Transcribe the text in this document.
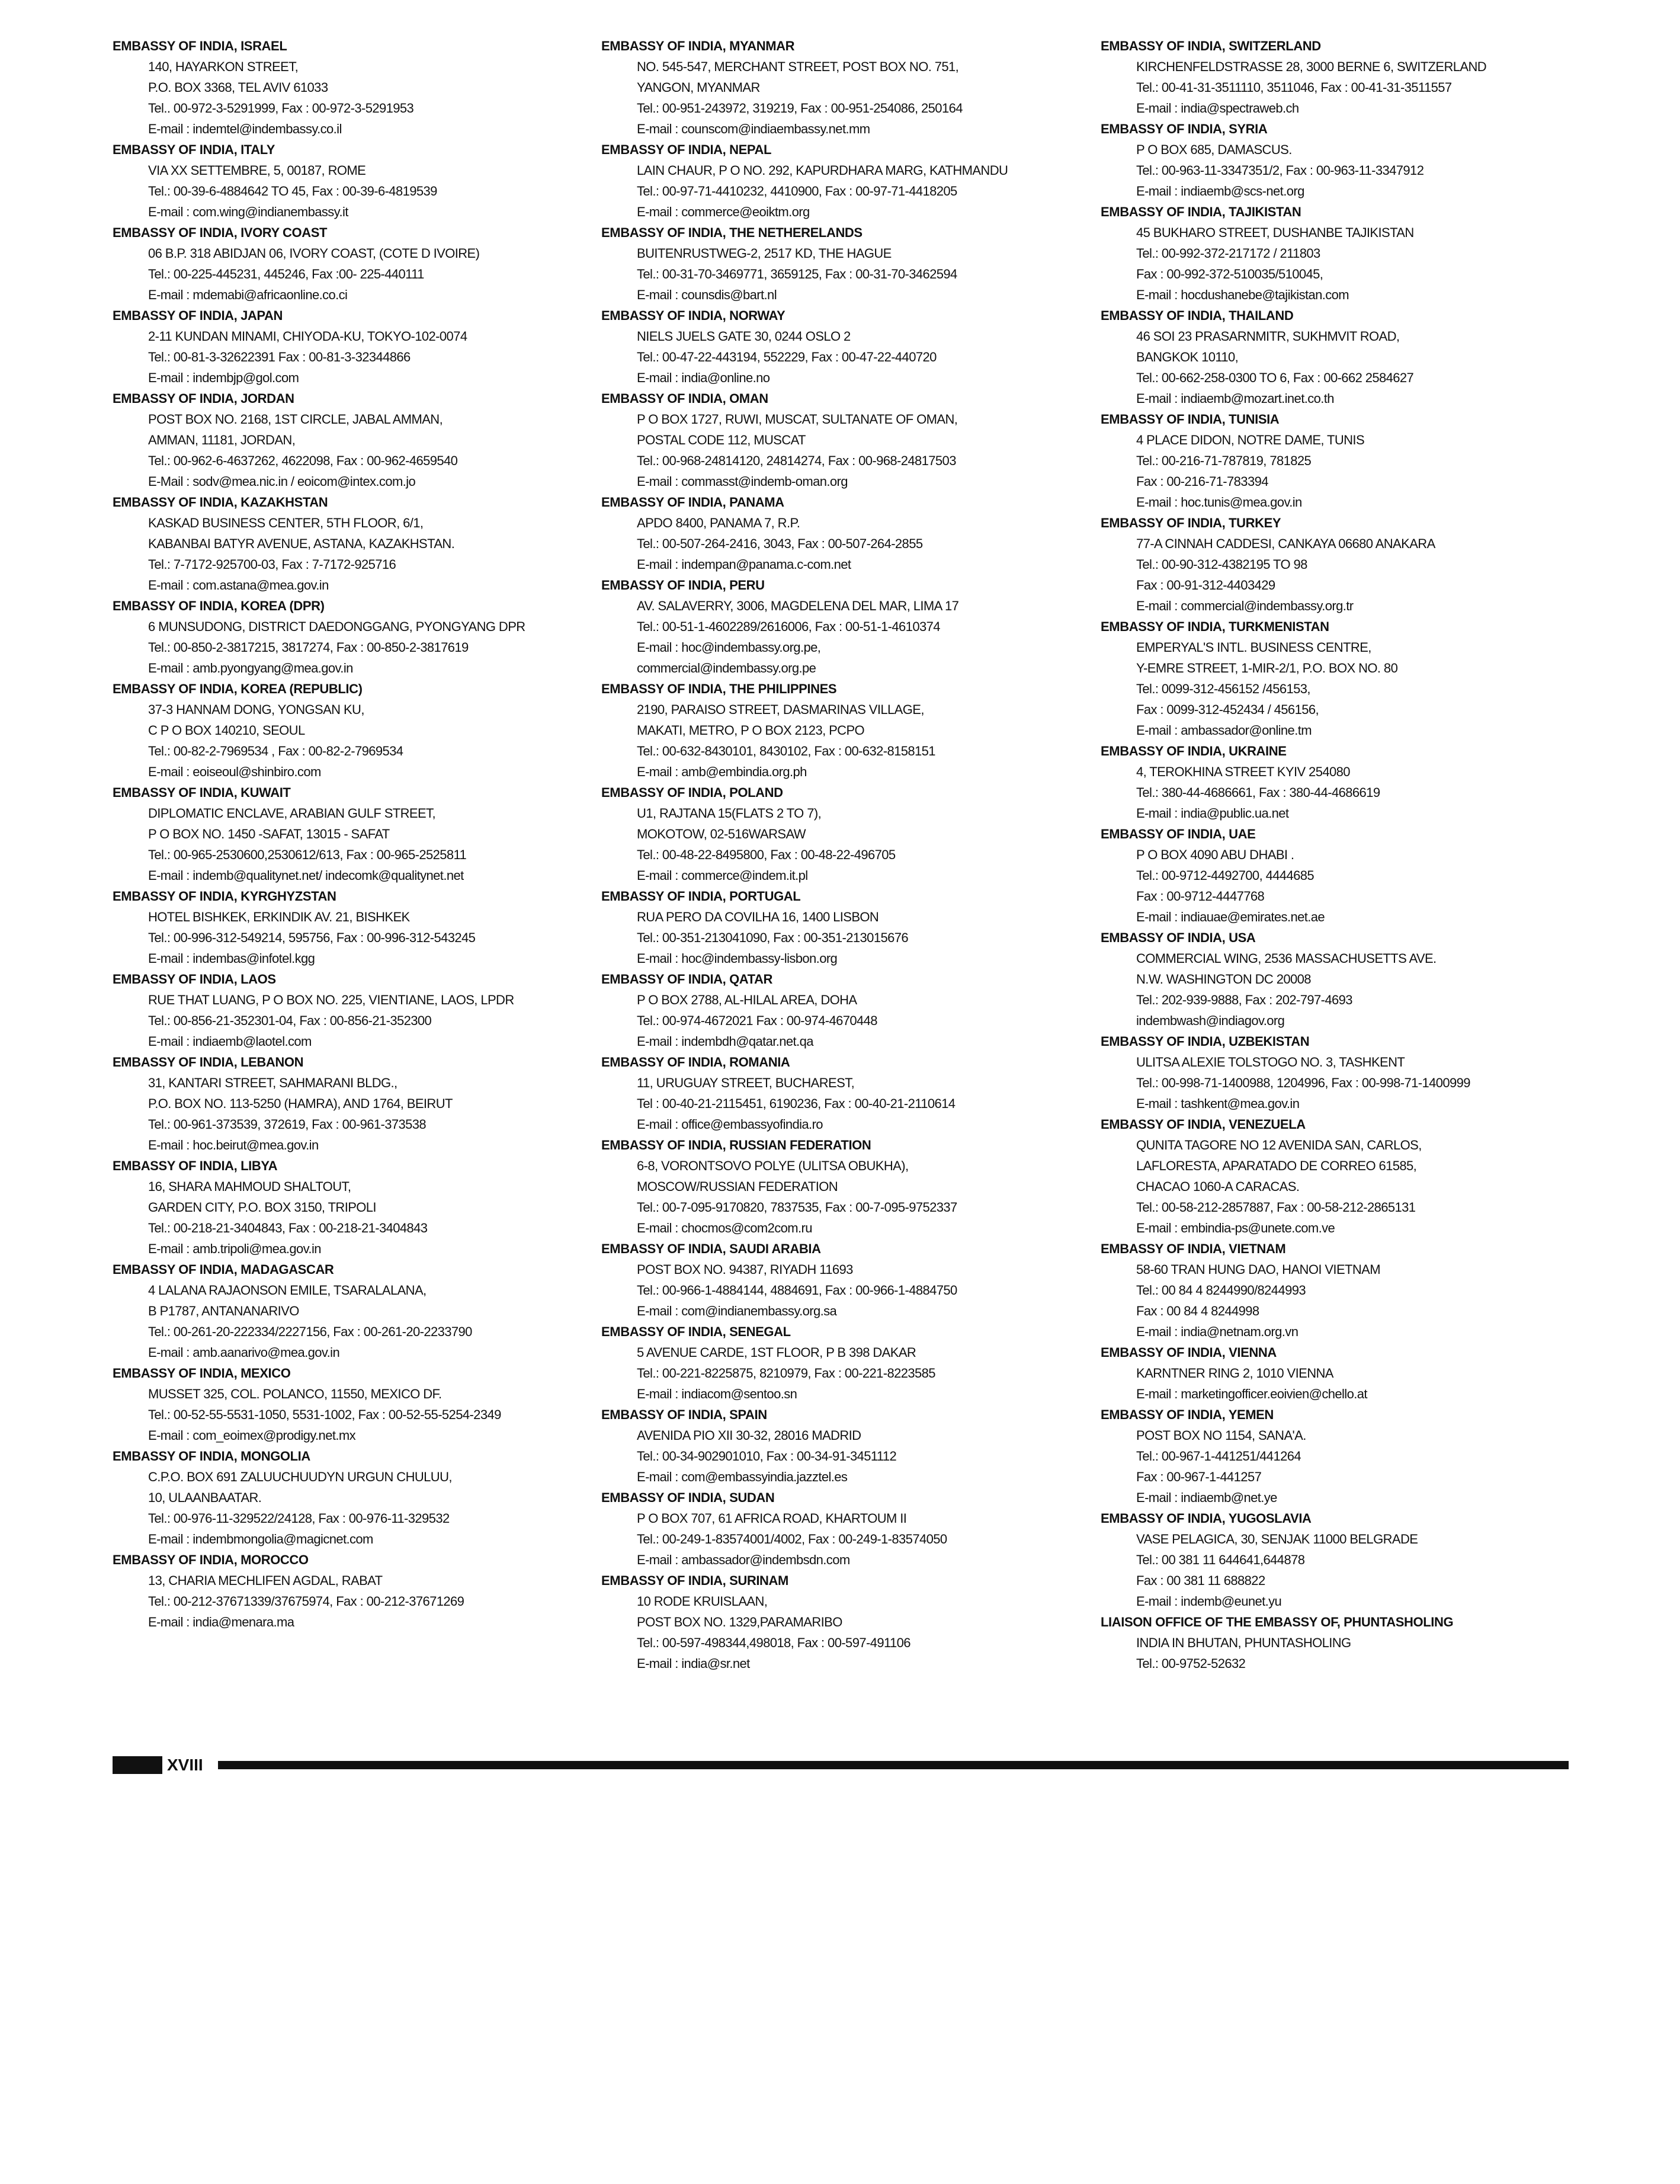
EMBASSY OF INDIA, ISRAEL
140, HAYARKON STREET,
P.O. BOX 3368, TEL AVIV 61033
Tel.. 00-972-3-5291999, Fax : 00-972-3-5291953
E-mail : indemtel@indembassy.co.il
EMBASSY OF INDIA, ITALY
VIA XX SETTEMBRE, 5, 00187, ROME
Tel.: 00-39-6-4884642 TO 45, Fax : 00-39-6-4819539
E-mail : com.wing@indianembassy.it
EMBASSY OF INDIA, IVORY COAST
06 B.P. 318 ABIDJAN 06, IVORY COAST, (COTE D IVOIRE)
Tel.: 00-225-445231, 445246, Fax :00- 225-440111
E-mail : mdemabi@africaonline.co.ci
EMBASSY OF INDIA, JAPAN
2-11 KUNDAN MINAMI, CHIYODA-KU, TOKYO-102-0074
Tel.: 00-81-3-32622391 Fax : 00-81-3-32344866
E-mail : indembjp@gol.com
EMBASSY OF INDIA, JORDAN
POST BOX NO. 2168, 1ST CIRCLE, JABAL AMMAN,
AMMAN, 11181, JORDAN,
Tel.: 00-962-6-4637262, 4622098, Fax : 00-962-4659540
E-Mail : sodv@mea.nic.in / eoicom@intex.com.jo
EMBASSY OF INDIA, KAZAKHSTAN
KASKAD BUSINESS CENTER, 5TH FLOOR, 6/1,
KABANBAI BATYR AVENUE, ASTANA, KAZAKHSTAN.
Tel.: 7-7172-925700-03, Fax : 7-7172-925716
E-mail : com.astana@mea.gov.in
EMBASSY OF INDIA, KOREA (DPR)
6 MUNSUDONG, DISTRICT DAEDONGGANG, PYONGYANG DPR
Tel.: 00-850-2-3817215, 3817274, Fax : 00-850-2-3817619
E-mail : amb.pyongyang@mea.gov.in
EMBASSY OF INDIA, KOREA (REPUBLIC)
37-3 HANNAM DONG, YONGSAN KU,
C P O BOX 140210, SEOUL
Tel.: 00-82-2-7969534 , Fax : 00-82-2-7969534
E-mail : eoiseoul@shinbiro.com
EMBASSY OF INDIA, KUWAIT
DIPLOMATIC ENCLAVE, ARABIAN GULF STREET,
P O BOX NO. 1450 -SAFAT, 13015 - SAFAT
Tel.: 00-965-2530600,2530612/613, Fax : 00-965-2525811
E-mail : indemb@qualitynet.net/ indecomk@qualitynet.net
EMBASSY OF INDIA, KYRGHYZSTAN
HOTEL BISHKEK, ERKINDIK AV. 21, BISHKEK
Tel.: 00-996-312-549214, 595756, Fax : 00-996-312-543245
E-mail : indembas@infotel.kgg
EMBASSY OF INDIA, LAOS
RUE THAT LUANG, P O BOX NO. 225, VIENTIANE, LAOS, LPDR
Tel.: 00-856-21-352301-04, Fax : 00-856-21-352300
E-mail : indiaemb@laotel.com
EMBASSY OF INDIA, LEBANON
31, KANTARI STREET, SAHMARANI BLDG.,
P.O. BOX NO. 113-5250 (HAMRA), AND 1764, BEIRUT
Tel.: 00-961-373539, 372619, Fax : 00-961-373538
E-mail : hoc.beirut@mea.gov.in
EMBASSY OF INDIA, LIBYA
16, SHARA MAHMOUD SHALTOUT,
GARDEN CITY, P.O. BOX 3150, TRIPOLI
Tel.: 00-218-21-3404843, Fax : 00-218-21-3404843
E-mail : amb.tripoli@mea.gov.in
EMBASSY OF INDIA, MADAGASCAR
4 LALANA RAJAONSON EMILE, TSARALALANA,
B P1787, ANTANANARIVO
Tel.: 00-261-20-222334/2227156, Fax : 00-261-20-2233790
E-mail : amb.aanarivo@mea.gov.in
EMBASSY OF INDIA, MEXICO
MUSSET 325, COL. POLANCO, 11550, MEXICO DF.
Tel.: 00-52-55-5531-1050, 5531-1002, Fax : 00-52-55-5254-2349
E-mail : com_eoimex@prodigy.net.mx
EMBASSY OF INDIA, MONGOLIA
C.P.O. BOX 691 ZALUUCHUUDYN URGUN CHULUU,
10, ULAANBAATAR.
Tel.: 00-976-11-329522/24128, Fax : 00-976-11-329532
E-mail : indembmongolia@magicnet.com
EMBASSY OF INDIA, MOROCCO
13, CHARIA MECHLIFEN AGDAL, RABAT
Tel.: 00-212-37671339/37675974, Fax : 00-212-37671269
E-mail : india@menara.ma
EMBASSY OF INDIA, MYANMAR
NO. 545-547, MERCHANT STREET, POST BOX NO. 751,
YANGON, MYANMAR
Tel.: 00-951-243972, 319219, Fax : 00-951-254086, 250164
E-mail : counscom@indiaembassy.net.mm
EMBASSY OF INDIA, NEPAL
LAIN CHAUR, P O NO. 292, KAPURDHARA MARG, KATHMANDU
Tel.: 00-97-71-4410232, 4410900, Fax : 00-97-71-4418205
E-mail : commerce@eoiktm.org
EMBASSY OF INDIA, THE NETHERELANDS
BUITENRUSTWEG-2, 2517 KD, THE HAGUE
Tel.: 00-31-70-3469771, 3659125, Fax : 00-31-70-3462594
E-mail : counsdis@bart.nl
EMBASSY OF INDIA, NORWAY
NIELS JUELS GATE 30, 0244 OSLO 2
Tel.: 00-47-22-443194, 552229, Fax : 00-47-22-440720
E-mail : india@online.no
EMBASSY OF INDIA, OMAN
P O BOX 1727, RUWI, MUSCAT, SULTANATE OF OMAN,
POSTAL CODE 112, MUSCAT
Tel.: 00-968-24814120, 24814274, Fax : 00-968-24817503
E-mail : commasst@indemb-oman.org
EMBASSY OF INDIA, PANAMA
APDO 8400, PANAMA 7, R.P.
Tel.: 00-507-264-2416, 3043, Fax : 00-507-264-2855
E-mail : indempan@panama.c-com.net
EMBASSY OF INDIA, PERU
AV. SALAVERRY, 3006, MAGDELENA DEL MAR, LIMA 17
Tel.: 00-51-1-4602289/2616006, Fax : 00-51-1-4610374
E-mail : hoc@indembassy.org.pe,
commercial@indembassy.org.pe
EMBASSY OF INDIA, THE PHILIPPINES
2190, PARAISO STREET, DASMARINAS VILLAGE,
MAKATI, METRO, P O BOX 2123, PCPO
Tel.: 00-632-8430101, 8430102, Fax : 00-632-8158151
E-mail : amb@embindia.org.ph
EMBASSY OF INDIA, POLAND
U1, RAJTANA 15(FLATS 2 TO 7),
MOKOTOW, 02-516WARSAW
Tel.: 00-48-22-8495800, Fax : 00-48-22-496705
E-mail : commerce@indem.it.pl
EMBASSY OF INDIA, PORTUGAL
RUA PERO DA COVILHA 16, 1400 LISBON
Tel.: 00-351-213041090, Fax : 00-351-213015676
E-mail : hoc@indembassy-lisbon.org
EMBASSY OF INDIA, QATAR
P O BOX 2788, AL-HILAL AREA, DOHA
Tel.: 00-974-4672021 Fax : 00-974-4670448
E-mail : indembdh@qatar.net.qa
EMBASSY OF INDIA, ROMANIA
11, URUGUAY STREET, BUCHAREST,
Tel : 00-40-21-2115451, 6190236, Fax : 00-40-21-2110614
E-mail : office@embassyofindia.ro
EMBASSY OF INDIA, RUSSIAN FEDERATION
6-8, VORONTSOVO POLYE (ULITSA OBUKHA),
MOSCOW/RUSSIAN FEDERATION
Tel.: 00-7-095-9170820, 7837535, Fax : 00-7-095-9752337
E-mail : chocmos@com2com.ru
EMBASSY OF INDIA, SAUDI ARABIA
POST BOX NO. 94387, RIYADH 11693
Tel.: 00-966-1-4884144, 4884691, Fax : 00-966-1-4884750
E-mail : com@indianembassy.org.sa
EMBASSY OF INDIA, SENEGAL
5 AVENUE CARDE, 1ST FLOOR, P B 398 DAKAR
Tel.: 00-221-8225875, 8210979, Fax : 00-221-8223585
E-mail : indiacom@sentoo.sn
EMBASSY OF INDIA, SPAIN
AVENIDA PIO XII 30-32, 28016 MADRID
Tel.: 00-34-902901010, Fax : 00-34-91-3451112
E-mail : com@embassyindia.jazztel.es
EMBASSY OF INDIA, SUDAN
P O BOX 707, 61 AFRICA ROAD, KHARTOUM II
Tel.: 00-249-1-83574001/4002, Fax : 00-249-1-83574050
E-mail : ambassador@indembsdn.com
EMBASSY OF INDIA, SURINAM
10 RODE KRUISLAAN,
POST BOX NO. 1329,PARAMARIBO
Tel.: 00-597-498344,498018, Fax : 00-597-491106
E-mail : india@sr.net
EMBASSY OF INDIA, SWITZERLAND
KIRCHENFELDSTRASSE 28, 3000 BERNE 6, SWITZERLAND
Tel.: 00-41-31-3511110, 3511046, Fax : 00-41-31-3511557
E-mail : india@spectraweb.ch
EMBASSY OF INDIA, SYRIA
P O BOX 685, DAMASCUS.
Tel.: 00-963-11-3347351/2, Fax : 00-963-11-3347912
E-mail : indiaemb@scs-net.org
EMBASSY OF INDIA, TAJIKISTAN
45 BUKHARO STREET, DUSHANBE TAJIKISTAN
Tel.: 00-992-372-217172 / 211803
Fax : 00-992-372-510035/510045,
E-mail : hocdushanebe@tajikistan.com
EMBASSY OF INDIA, THAILAND
46 SOI 23 PRASARNMITR, SUKHMVIT ROAD,
BANGKOK 10110,
Tel.: 00-662-258-0300 TO 6, Fax : 00-662 2584627
E-mail : indiaemb@mozart.inet.co.th
EMBASSY OF INDIA, TUNISIA
4 PLACE DIDON, NOTRE DAME, TUNIS
Tel.: 00-216-71-787819, 781825
Fax : 00-216-71-783394
E-mail : hoc.tunis@mea.gov.in
EMBASSY OF INDIA, TURKEY
77-A CINNAH CADDESI, CANKAYA 06680 ANAKARA
Tel.: 00-90-312-4382195 TO 98
Fax : 00-91-312-4403429
E-mail : commercial@indembassy.org.tr
EMBASSY OF INDIA, TURKMENISTAN
EMPERYAL'S INTL. BUSINESS CENTRE,
Y-EMRE STREET, 1-MIR-2/1, P.O. BOX NO. 80
Tel.: 0099-312-456152 /456153,
Fax : 0099-312-452434 / 456156,
E-mail : ambassador@online.tm
EMBASSY OF INDIA, UKRAINE
4, TEROKHINA STREET KYIV 254080
Tel.: 380-44-4686661, Fax : 380-44-4686619
E-mail : india@public.ua.net
EMBASSY OF INDIA, UAE
P O BOX 4090 ABU DHABI .
Tel.: 00-9712-4492700, 4444685
Fax : 00-9712-4447768
E-mail : indiauae@emirates.net.ae
EMBASSY OF INDIA, USA
COMMERCIAL WING, 2536 MASSACHUSETTS AVE.
N.W. WASHINGTON DC 20008
Tel.: 202-939-9888, Fax : 202-797-4693
indembwash@indiagov.org
EMBASSY OF INDIA, UZBEKISTAN
ULITSA ALEXIE TOLSTOGO NO. 3, TASHKENT
Tel.: 00-998-71-1400988, 1204996, Fax : 00-998-71-1400999
E-mail : tashkent@mea.gov.in
EMBASSY OF INDIA, VENEZUELA
QUNITA TAGORE NO 12 AVENIDA SAN, CARLOS,
LAFLORESTA, APARATADO DE CORREO 61585,
CHACAO 1060-A CARACAS.
Tel.: 00-58-212-2857887, Fax : 00-58-212-2865131
E-mail : embindia-ps@unete.com.ve
EMBASSY OF INDIA, VIETNAM
58-60 TRAN HUNG DAO, HANOI VIETNAM
Tel.: 00 84 4 8244990/8244993
Fax : 00 84 4 8244998
E-mail : india@netnam.org.vn
EMBASSY OF INDIA, VIENNA
KARNTNER RING 2, 1010 VIENNA
E-mail : marketingofficer.eoivien@chello.at
EMBASSY OF INDIA, YEMEN
POST BOX NO 1154, SANA'A.
Tel.: 00-967-1-441251/441264
Fax : 00-967-1-441257
E-mail : indiaemb@net.ye
EMBASSY OF INDIA, YUGOSLAVIA
VASE PELAGICA, 30, SENJAK 11000 BELGRADE
Tel.: 00 381 11 644641,644878
Fax : 00 381 11 688822
E-mail : indemb@eunet.yu
LIAISON OFFICE OF THE EMBASSY OF, PHUNTASHOLING
INDIA IN BHUTAN, PHUNTASHOLING
Tel.: 00-9752-52632
XVIII
